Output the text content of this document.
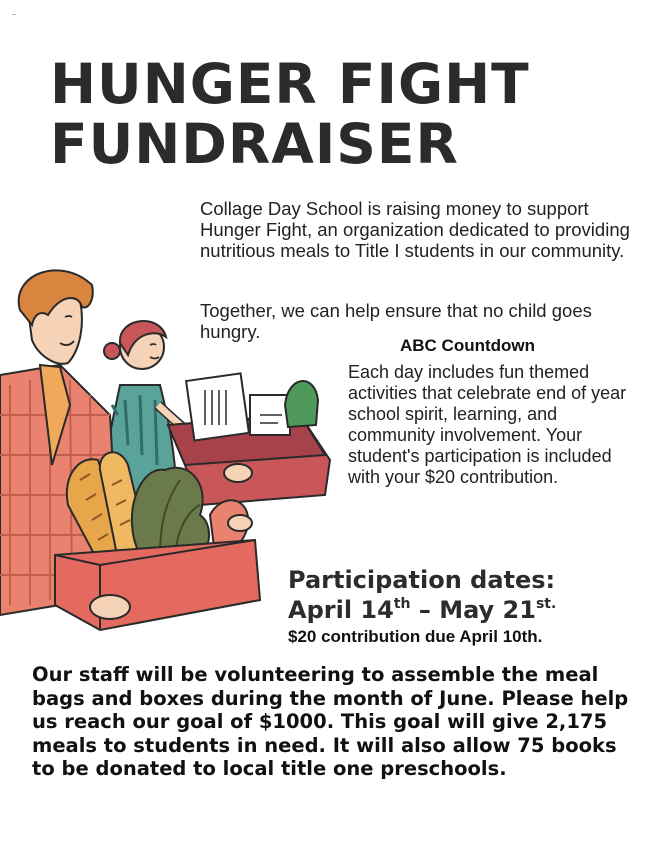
HUNGER FIGHT
FUNDRAISER

Collage Day School is raising money to support Hunger Fight, an organization dedicated to providing nutritious meals to Title I students in our community.

Together, we can help ensure that no child goes hungry.

ABC Countdown

Each day includes fun themed activities that celebrate end of year school spirit, learning, and community involvement. Your student's participation is included with your $20 contribution.

Participation dates:

April 14th – May $21^{st.}$

$20 contribution due April 10th.

Our staff will be volunteering to assemble the meal bags and boxes during the month of June. Please help us reach our goal of $1000. This goal will give 2,175 meals to students in need. It will also allow 75 books to be donated to local title one preschools.
